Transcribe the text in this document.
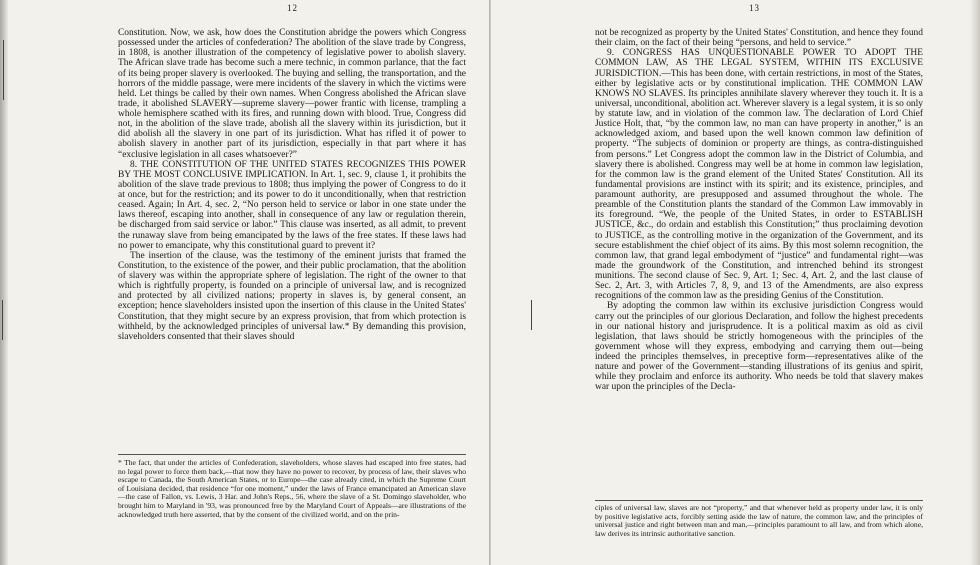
12

Constitution. Now, we ask, how does the Constitution abridge the powers which Congress possessed under the articles of confederation? The abolition of the slave trade by Congress, in 1808, is another illustration of the competency of legislative power to abolish slavery. The African slave trade has become such a mere technic, in common parlance, that the fact of its being proper slavery is overlooked. The buying and selling, the transportation, and the horrors of the middle passage, were mere incidents of the slavery in which the victims were held. Let things be called by their own names. When Congress abolished the African slave trade, it abolished SLAVERY—supreme slavery—power frantic with license, trampling a whole hemisphere scathed with its fires, and running down with blood. True, Congress did not, in the abolition of the slave trade, abolish all the slavery within its jurisdiction, but it did abolish all the slavery in one part of its jurisdiction. What has rifled it of power to abolish slavery in another part of its jurisdiction, especially in that part where it has “exclusive legislation in all cases whatsoever?”

8. THE CONSTITUTION OF THE UNITED STATES RECOGNIZES THIS POWER BY THE MOST CONCLUSIVE IMPLICATION. In Art. 1, sec. 9, clause 1, it prohibits the abolition of the slave trade previous to 1808; thus implying the power of Congress to do it at once, but for the restriction; and its power to do it unconditionally, when that restriction ceased. Again; In Art. 4, sec. 2, “No person held to service or labor in one state under the laws thereof, escaping into another, shall in consequence of any law or regulation therein, be discharged from said service or labor.” This clause was inserted, as all admit, to prevent the runaway slave from being emancipated by the laws of the free states. If these laws had no power to emancipate, why this constitutional guard to prevent it?

The insertion of the clause, was the testimony of the eminent jurists that framed the Constitution, to the existence of the power, and their public proclamation, that the abolition of slavery was within the appropriate sphere of legislation. The right of the owner to that which is rightfully property, is founded on a principle of universal law, and is recognized and protected by all civilized nations; property in slaves is, by general consent, an exception; hence slaveholders insisted upon the insertion of this clause in the United States' Constitution, that they might secure by an express provision, that from which protection is withheld, by the acknowledged principles of universal law.* By demanding this provision, slaveholders consented that their slaves should

* The fact, that under the articles of Confederation, slaveholders, whose slaves had escaped into free states, had no legal power to force them back,—that now they have no power to recover, by process of law, their slaves who escape to Canada, the South American States, or to Europe—the case already cited, in which the Supreme Court of Louisiana decided, that residence “for one moment,” under the laws of France emancipated an American slave—the case of Fallon, vs. Lewis, 3 Har. and John's Reps., 56, where the slave of a St. Domingo slaveholder, who brought him to Maryland in '93, was pronounced free by the Maryland Court of Appeals—are illustrations of the acknowledged truth here asserted, that by the consent of the civilized world, and on the prin-
13

not be recognized as property by the United States' Constitution, and hence they found their claim, on the fact of their being “persons, and held to service.”

9. CONGRESS HAS UNQUESTIONABLE POWER TO ADOPT THE COMMON LAW, AS THE LEGAL SYSTEM, WITHIN ITS EXCLUSIVE JURISDICTION.—This has been done, with certain restrictions, in most of the States, either by legislative acts or by constitutional implication. THE COMMON LAW KNOWS NO SLAVES. Its principles annihilate slavery wherever they touch it. It is a universal, unconditional, abolition act. Wherever slavery is a legal system, it is so only by statute law, and in violation of the common law. The declaration of Lord Chief Justice Holt, that, “by the common law, no man can have property in another,” is an acknowledged axiom, and based upon the well known common law definition of property. “The subjects of dominion or property are things, as contra-distinguished from persons.” Let Congress adopt the common law in the District of Columbia, and slavery there is abolished. Congress may well be at home in common law legislation, for the common law is the grand element of the United States' Constitution. All its fundamental provisions are instinct with its spirit; and its existence, principles, and paramount authority, are presupposed and assumed throughout the whole. The preamble of the Constitution plants the standard of the Common Law immovably in its foreground. “We, the people of the United States, in order to ESTABLISH JUSTICE, &c., do ordain and establish this Constitution;” thus proclaiming devotion to JUSTICE, as the controlling motive in the organization of the Government, and its secure establishment the chief object of its aims. By this most solemn recognition, the common law, that grand legal embodyment of “justice” and fundamental right—was made the groundwork of the Constitution, and intrenched behind its strongest munitions. The second clause of Sec. 9, Art. 1; Sec. 4, Art. 2, and the last clause of Sec. 2, Art. 3, with Articles 7, 8, 9, and 13 of the Amendments, are also express recognitions of the common law as the presiding Genius of the Constitution.

By adopting the common law within its exclusive jurisdiction Congress would carry out the principles of our glorious Declaration, and follow the highest precedents in our national history and jurisprudence. It is a political maxim as old as civil legislation, that laws should be strictly homogeneous with the principles of the government whose will they express, embodying and carrying them out—being indeed the principles themselves, in preceptive form—representatives alike of the nature and power of the Government—standing illustrations of its genius and spirit, while they proclaim and enforce its authority. Who needs be told that slavery makes war upon the principles of the Decla-

ciples of universal law, slaves are not “property,” and that whenever held as property under law, it is only by positive legislative acts, forcibly setting aside the law of nature, the common law, and the principles of universal justice and right between man and man,—principles paramount to all law, and from which alone, law derives its intrinsic authoritative sanction.
